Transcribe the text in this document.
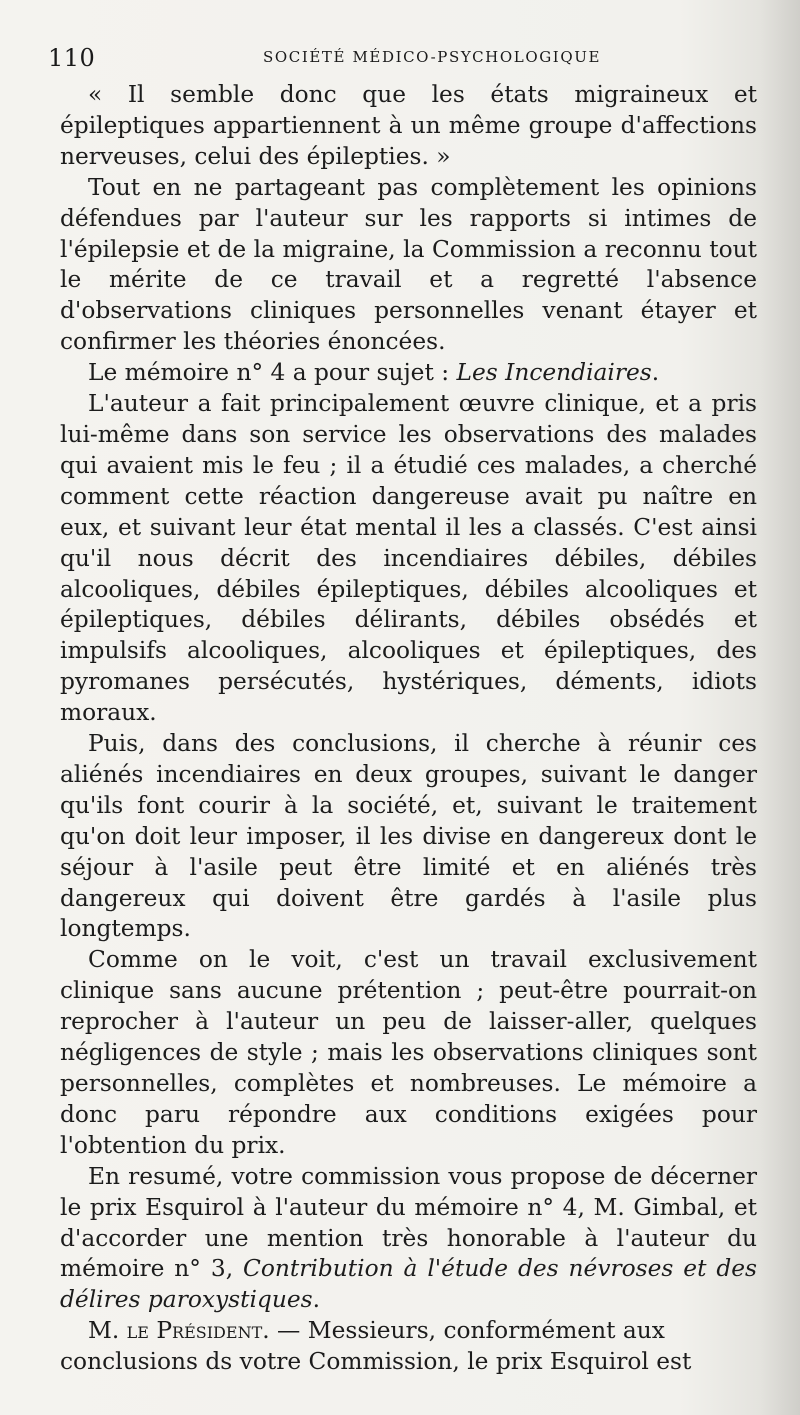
110	SOCIÉTÉ MÉDICO-PSYCHOLOGIQUE

« Il semble donc que les états migraineux et épileptiques appartiennent à un même groupe d'affections nerveuses, celui des épilepties. »

Tout en ne partageant pas complètement les opinions défendues par l'auteur sur les rapports si intimes de l'épilepsie et de la migraine, la Commission a reconnu tout le mérite de ce travail et a regretté l'absence d'observations cliniques personnelles venant étayer et confirmer les théories énoncées.

Le mémoire n° 4 a pour sujet : Les Incendiaires.

L'auteur a fait principalement œuvre clinique, et a pris lui-même dans son service les observations des malades qui avaient mis le feu ; il a étudié ces malades, a cherché comment cette réaction dangereuse avait pu naître en eux, et suivant leur état mental il les a classés. C'est ainsi qu'il nous décrit des incendiaires débiles, débiles alcooliques, débiles épileptiques, débiles alcooliques et épileptiques, débiles délirants, débiles obsédés et impulsifs alcooliques, alcooliques et épileptiques, des pyromanes persécutés, hystériques, déments, idiots moraux.

Puis, dans des conclusions, il cherche à réunir ces aliénés incendiaires en deux groupes, suivant le danger qu'ils font courir à la société, et, suivant le traitement qu'on doit leur imposer, il les divise en dangereux dont le séjour à l'asile peut être limité et en aliénés très dangereux qui doivent être gardés à l'asile plus longtemps.

Comme on le voit, c'est un travail exclusivement clinique sans aucune prétention ; peut-être pourrait-on reprocher à l'auteur un peu de laisser-aller, quelques négligences de style ; mais les observations cliniques sont personnelles, complètes et nombreuses. Le mémoire a donc paru répondre aux conditions exigées pour l'obtention du prix.

En resumé, votre commission vous propose de décerner le prix Esquirol à l'auteur du mémoire n° 4, M. Gimbal, et d'accorder une mention très honorable à l'auteur du mémoire n° 3, Contribution à l'étude des névroses et des délires paroxystiques.

M. le Président. — Messieurs, conformément aux conclusions ds votre Commission, le prix Esquirol est
